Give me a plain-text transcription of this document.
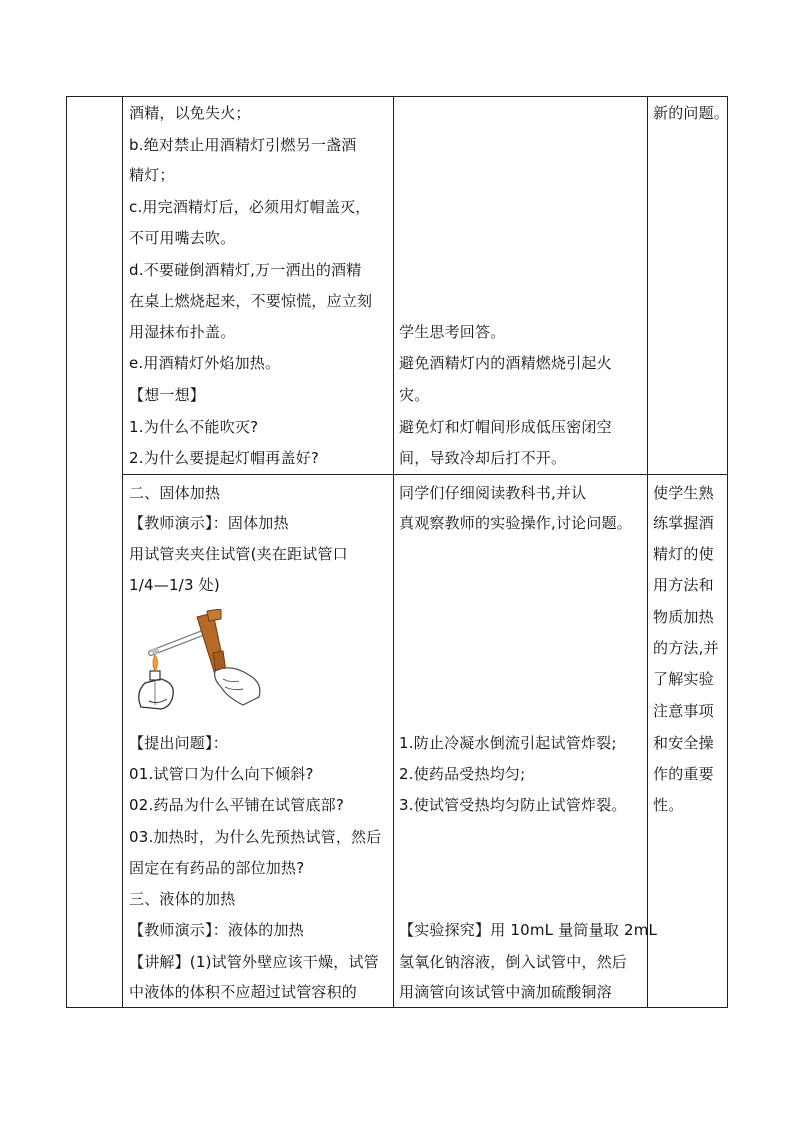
酒精，以免失火；
b.绝对禁止用酒精灯引燃另一盏酒
精灯；
c.用完酒精灯后，必须用灯帽盖灭，
不可用嘴去吹。
d.不要碰倒酒精灯,万一洒出的酒精
在桌上燃烧起来，不要惊慌，应立刻
用湿抹布扑盖。
e.用酒精灯外焰加热。
【想一想】
1.为什么不能吹灭?
2.为什么要提起灯帽再盖好?
学生思考回答。
避免酒精灯内的酒精燃烧引起火
灾。
避免灯和灯帽间形成低压密闭空
间，导致冷却后打不开。
新的问题。
二、固体加热
【教师演示】：固体加热
用试管夹夹住试管(夹在距试管口
1/4—1/3 处)
【提出问题】：
01.试管口为什么向下倾斜?
02.药品为什么平铺在试管底部?
03.加热时，为什么先预热试管，然后
固定在有药品的部位加热?
三、液体的加热
【教师演示】：液体的加热
【讲解】(1)试管外壁应该干燥，试管
中液体的体积不应超过试管容积的
同学们仔细阅读教科书,并认
真观察教师的实验操作,讨论问题。
1.防止冷凝水倒流引起试管炸裂;
2.使药品受热均匀;
3.使试管受热均匀防止试管炸裂。
【实验探究】用 10mL 量筒量取 2mL
氢氧化钠溶液，倒入试管中，然后
用滴管向该试管中滴加硫酸铜溶
使学生熟
练掌握酒
精灯的使
用方法和
物质加热
的方法,并
了解实验
注意事项
和安全操
作的重要
性。
